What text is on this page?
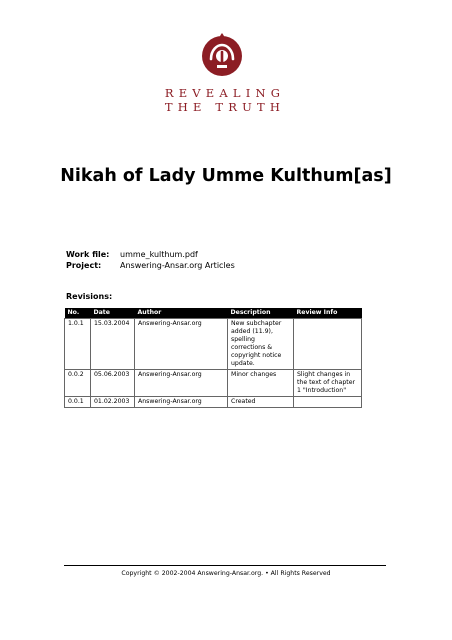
REVEALING
THE TRUTH
Nikah of Lady Umme Kulthum[as]
Work file: umme_kulthum.pdf
Project: Answering-Ansar.org Articles
Revisions:
No.	Date	Author	Description	Review Info
1.0.1	15.03.2004	Answering-Ansar.org	New subchapter added (11.9), spelling corrections & copyright notice update.	
0.0.2	05.06.2003	Answering-Ansar.org	Minor changes	Slight changes in the text of chapter 1 "Introduction"
0.0.1	01.02.2003	Answering-Ansar.org	Created	
Copyright © 2002-2004 Answering-Ansar.org. • All Rights Reserved
